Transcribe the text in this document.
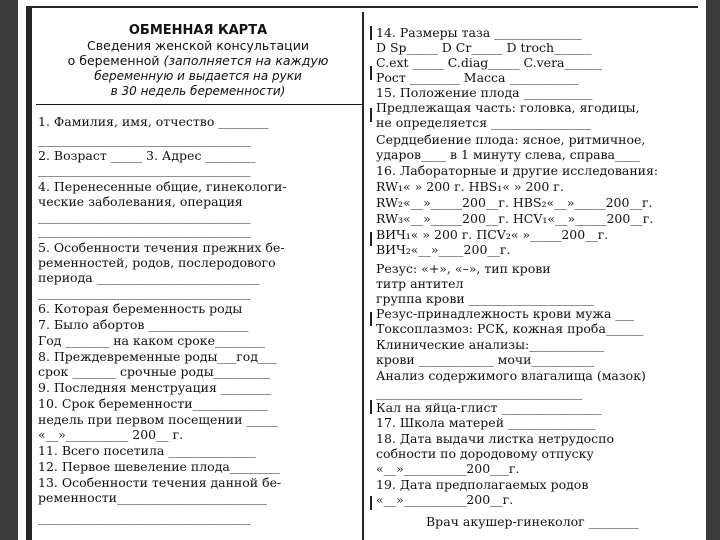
ОБМЕННАЯ КАРТА
Сведения женской консультации
о беременной (заполняется на каждую
беременную и выдается на руки
в 30 недель беременности)
1. Фамилия, имя, отчество ________
__________________________________
2. Возраст _____ 3. Адрес ________
__________________________________
4. Перенесенные общие, гинекологи-
ческие заболевания, операция
__________________________________
__________________________________
5. Особенности течения прежних бе-
ременностей, родов, послеродового
периода __________________________
__________________________________
6. Которая беременность роды
7. Было абортов ________________
Год _______ на каком сроке________
8. Преждевременные роды___год___
срок _______ срочные роды_________
9. Последняя менструация ________
10. Срок беременности____________
недель при первом посещении _____
«__»__________ 200__ г.
11. Всего посетила ______________
12. Первое шевеление плода________
13. Особенности течения данной бе-
ременности________________________
__________________________________
14. Размеры таза ______________
D Sp_____ D Cr_____ D troch______
C.ext _____ C.diag_____ C.vera______
Рост ________ Масса ___________
15. Положение плода ___________
Предлежащая часть: головка, ягодицы,
не определяется ________________
Сердцебиение плода: ясное, ритмичное,
ударов____ в 1 минуту слева, справа____
16. Лабораторные и другие исследования:
RW₁« » 200 г. HBS₁« » 200 г.
RW₂«__»_____200__г. HBS₂«__»_____200__г.
RW₃«__»_____200__г. HCV₁«__»_____200__г.
ВИЧ₁« » 200 г. ПСV₂« »_____200__г.
ВИЧ₂«__»____200__г.
Резус: «+», «–», тип крови
титр антител
группа крови ____________________
Резус-принадлежность крови мужа ___
Токсоплазмоз: РСК, кожная проба______
Клинические анализы:____________
крови ____________ мочи__________
Анализ содержимого влагалища (мазок)
_________________________________
Кал на яйца-глист ________________
17. Школа матерей ______________
18. Дата выдачи листка нетрудоспо
собности по дородовому отпуску
«__»__________200___г.
19. Дата предполагаемых родов
«__»__________200__г.
Врач акушер-гинеколог ________
